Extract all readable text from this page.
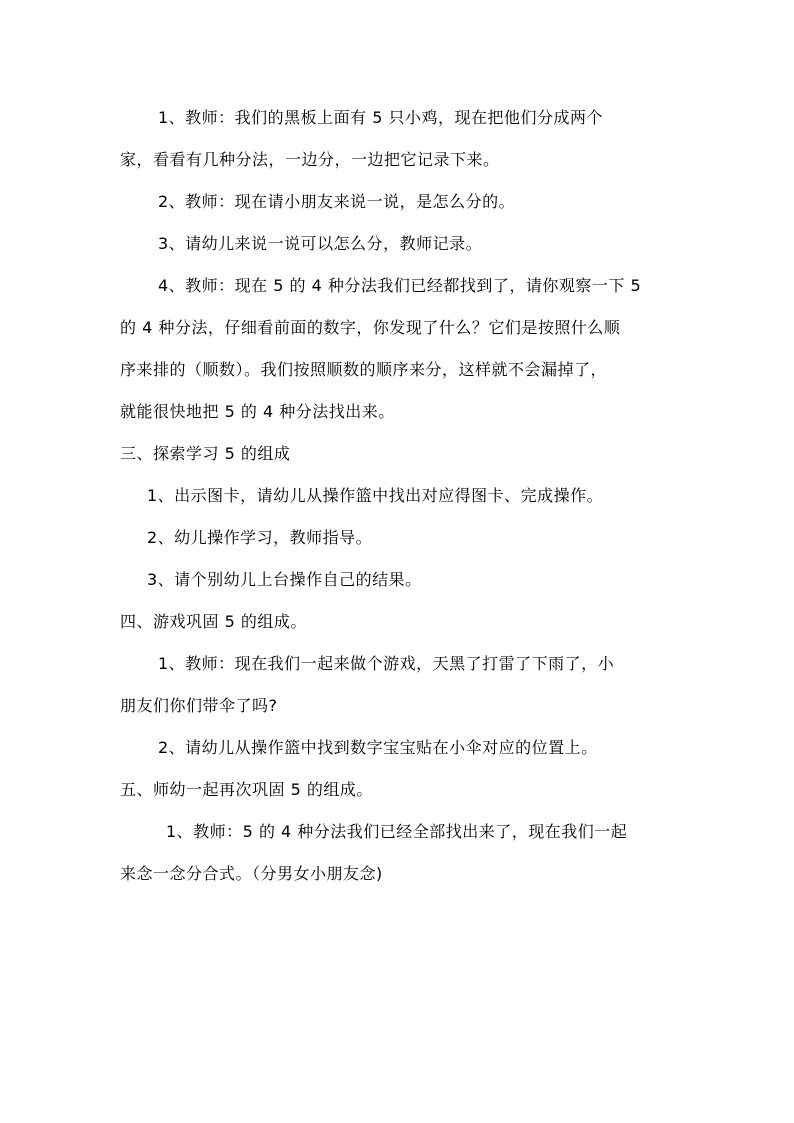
1、教师：我们的黑板上面有 5 只小鸡，现在把他们分成两个
家，看看有几种分法，一边分，一边把它记录下来。
2、教师：现在请小朋友来说一说，是怎么分的。
3、请幼儿来说一说可以怎么分，教师记录。
4、教师：现在 5 的 4 种分法我们已经都找到了，请你观察一下 5
的 4 种分法，仔细看前面的数字，你发现了什么？它们是按照什么顺
序来排的（顺数）。我们按照顺数的顺序来分，这样就不会漏掉了，
就能很快地把 5 的 4 种分法找出来。
三、探索学习 5 的组成
1、出示图卡，请幼儿从操作篮中找出对应得图卡、完成操作。
2、幼儿操作学习，教师指导。
3、请个别幼儿上台操作自己的结果。
四、游戏巩固 5 的组成。
1、教师：现在我们一起来做个游戏，天黑了打雷了下雨了，小
朋友们你们带伞了吗?
2、请幼儿从操作篮中找到数字宝宝贴在小伞对应的位置上。
五、师幼一起再次巩固 5 的组成。
1、教师：5 的 4 种分法我们已经全部找出来了，现在我们一起
来念一念分合式。（分男女小朋友念)
